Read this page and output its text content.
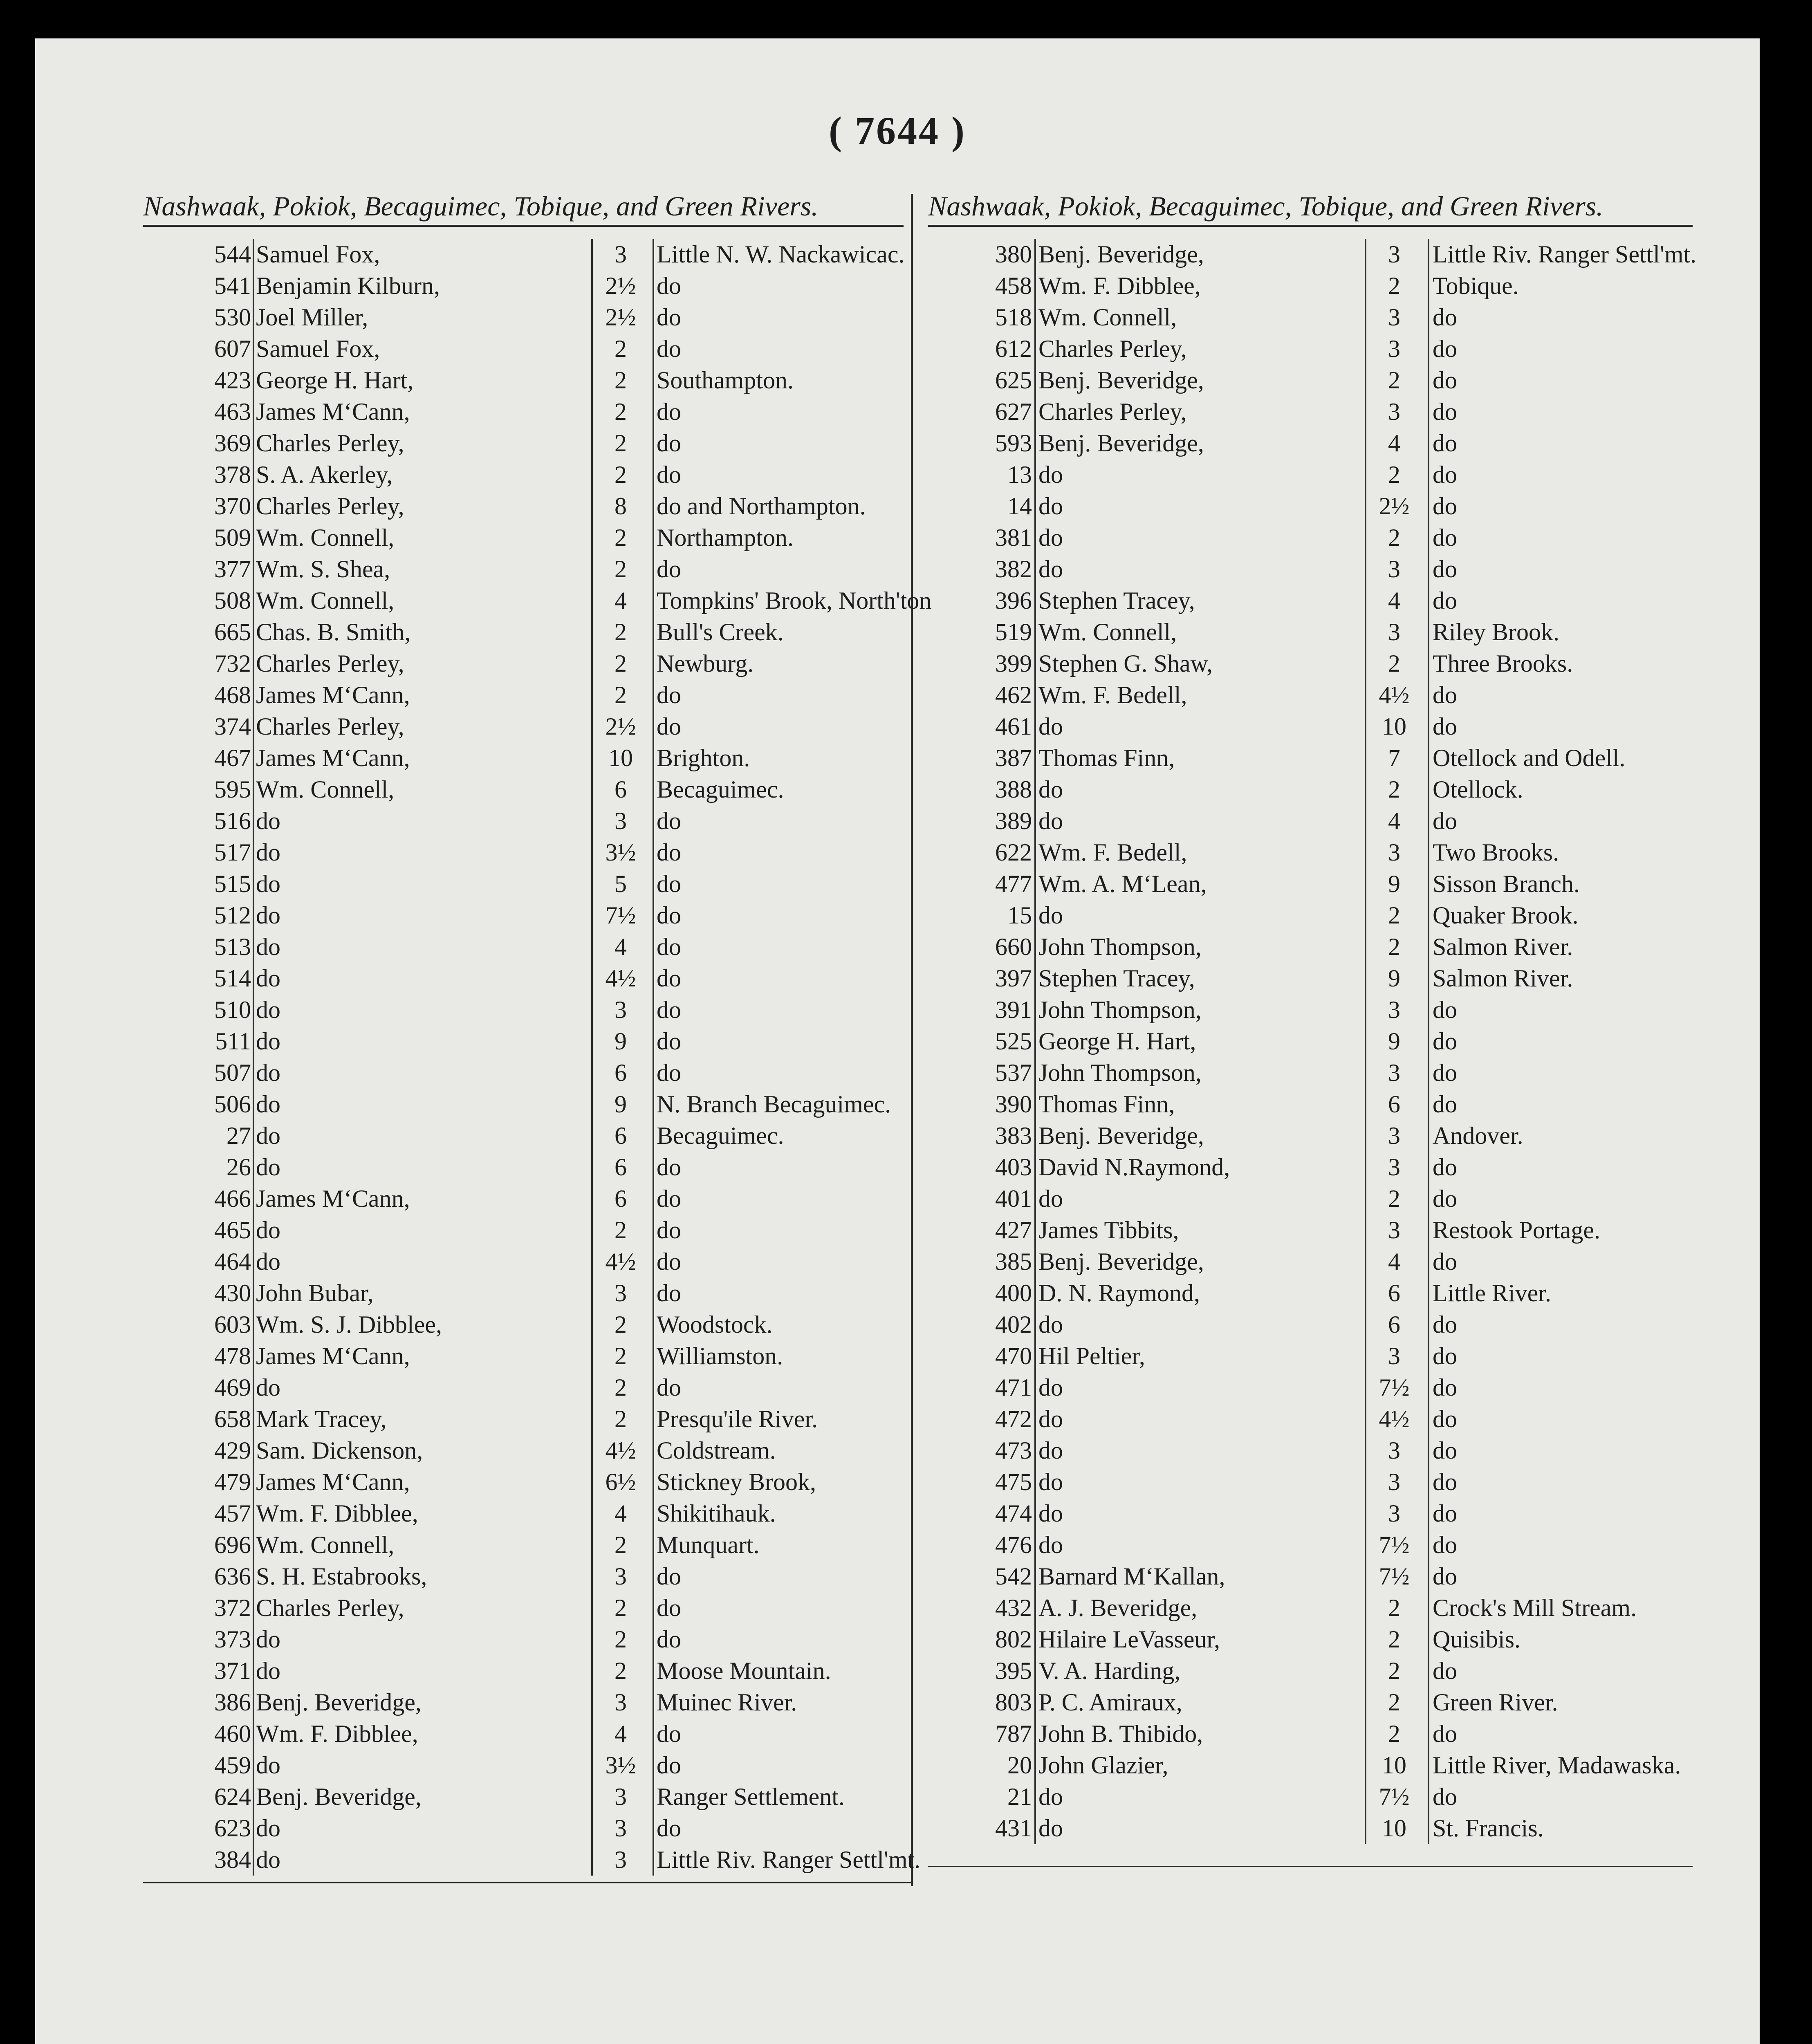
( 7644 )
Nashwaak, Pokiok, Becaguimec, Tobique, and Green Rivers.	Nashwaak, Pokiok, Becaguimec, Tobique, and Green Rivers.
544 Samuel Fox,	3	Little N. W. Nackawicac.
541 Benjamin Kilburn,	2½ do
530 Joel Miller,	2½ do
607 Samuel Fox,	2	do
423 George H. Hart,	2	Southampton.
463 James M‘Cann,	2	do
369 Charles Perley,	2	do
378 S. A. Akerley,	2	do
370 Charles Perley,	8	do and Northampton.
509 Wm. Connell,	2	Northampton.
377 Wm. S. Shea,	2	do
508 Wm. Connell,	4	Tompkins' Brook, North'ton
665 Chas. B. Smith,	2	Bull's Creek.
732 Charles Perley,	2	Newburg.
468 James M‘Cann,	2	do
374 Charles Perley,	2½ do
467 James M‘Cann,	10 Brighton.
595 Wm. Connell,	6	Becaguimec.
516 do	3	do
517 do	3½ do
515 do	5	do
512 do	7½ do
513 do	4	do
514 do	4½ do
510 do	3	do
511 do	9	do
507 do	6	do
506 do	9	N. Branch Becaguimec.
27 do	6	Becaguimec.
26 do	6	do
466 James M‘Cann,	6	do
465 do	2	do
464 do	4½ do
430 John Bubar,	3	do
603 Wm. S. J. Dibblee,	2	Woodstock.
478 James M‘Cann,	2	Williamston.
469 do	2	do
658 Mark Tracey,	2	Presqu'ile River.
429 Sam. Dickenson,	4½ Coldstream.
479 James M‘Cann,	6½ Stickney Brook,
457 Wm. F. Dibblee,	4	Shikitihauk.
696 Wm. Connell,	2	Munquart.
636 S. H. Estabrooks,	3	do
372 Charles Perley,	2	do
373 do	2	do
371 do	2	Moose Mountain.
386 Benj. Beveridge,	3	Muinec River.
460 Wm. F. Dibblee,	4	do
459 do	3½ do
624 Benj. Beveridge,	3	Ranger Settlement.
623 do	3	do
384 do	3	Little Riv. Ranger Settl'mt.
380 Benj. Beveridge,	3	Little Riv. Ranger Settl'mt.
458 Wm. F. Dibblee,	2	Tobique.
518 Wm. Connell,	3	do
612 Charles Perley,	3	do
625 Benj. Beveridge,	2	do
627 Charles Perley,	3	do
593 Benj. Beveridge,	4	do
13 do	2	do
14 do	2½ do
381 do	2	do
382 do	3	do
396 Stephen Tracey,	4	do
519 Wm. Connell,	3	Riley Brook.
399 Stephen G. Shaw,	2	Three Brooks.
462 Wm. F. Bedell,	4½ do
461 do	10	do
387 Thomas Finn,	7	Otellock and Odell.
388 do	2	Otellock.
389 do	4	do
622 Wm. F. Bedell,	3	Two Brooks.
477 Wm. A. M‘Lean,	9	Sisson Branch.
15 do	2	Quaker Brook.
660 John Thompson,	2	Salmon River.
397 Stephen Tracey,	9	Salmon River.
391 John Thompson,	3	do
525 George H. Hart,	9	do
537 John Thompson,	3	do
390 Thomas Finn,	6	do
383 Benj. Beveridge,	3	Andover.
403 David N.Raymond,	3	do
401 do	2	do
427 James Tibbits,	3	Restook Portage.
385 Benj. Beveridge,	4	do
400 D. N. Raymond,	6	Little River.
402 do	6	do
470 Hil Peltier,	3	do
471 do	7½ do
472 do	4½ do
473 do	3	do
475 do	3	do
474 do	3	do
476 do	7½ do
542 Barnard M‘Kallan,	7½ do
432 A. J. Beveridge,	2	Crock's Mill Stream.
802 Hilaire LeVasseur,	2	Quisibis.
395 V. A. Harding,	2	do
803 P. C. Amiraux,	2	Green River.
787 John B. Thibido,	2	do
20 John Glazier,	10	Little River, Madawaska.
21 do	7½ do
431 do	10	St. Francis.
